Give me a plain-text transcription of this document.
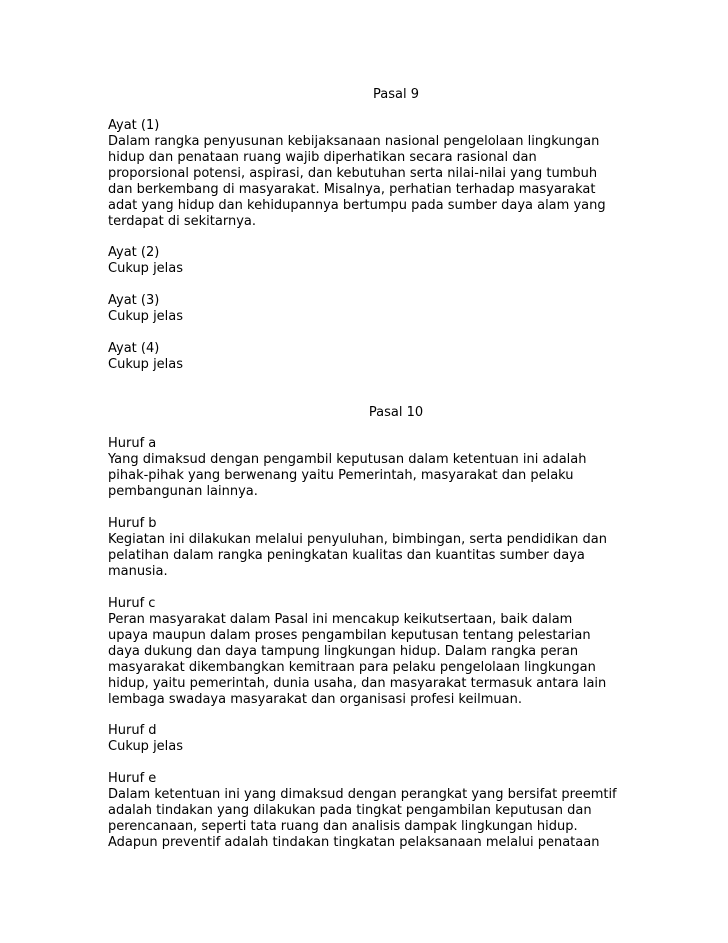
Pasal 9
Ayat (1)
Dalam rangka penyusunan kebijaksanaan nasional pengelolaan lingkungan
hidup dan penataan ruang wajib diperhatikan secara rasional dan
proporsional potensi, aspirasi, dan kebutuhan serta nilai-nilai yang tumbuh
dan berkembang di masyarakat. Misalnya, perhatian terhadap masyarakat
adat yang hidup dan kehidupannya bertumpu pada sumber daya alam yang
terdapat di sekitarnya.
Ayat (2)
Cukup jelas
Ayat (3)
Cukup jelas
Ayat (4)
Cukup jelas
Pasal 10
Huruf a
Yang dimaksud dengan pengambil keputusan dalam ketentuan ini adalah
pihak-pihak yang berwenang yaitu Pemerintah, masyarakat dan pelaku
pembangunan lainnya.
Huruf b
Kegiatan ini dilakukan melalui penyuluhan, bimbingan, serta pendidikan dan
pelatihan dalam rangka peningkatan kualitas dan kuantitas sumber daya
manusia.
Huruf c
Peran masyarakat dalam Pasal ini mencakup keikutsertaan, baik dalam
upaya maupun dalam proses pengambilan keputusan tentang pelestarian
daya dukung dan daya tampung lingkungan hidup. Dalam rangka peran
masyarakat dikembangkan kemitraan para pelaku pengelolaan lingkungan
hidup, yaitu pemerintah, dunia usaha, dan masyarakat termasuk antara lain
lembaga swadaya masyarakat dan organisasi profesi keilmuan.
Huruf d
Cukup jelas
Huruf e
Dalam ketentuan ini yang dimaksud dengan perangkat yang bersifat preemtif
adalah tindakan yang dilakukan pada tingkat pengambilan keputusan dan
perencanaan, seperti tata ruang dan analisis dampak lingkungan hidup.
Adapun preventif adalah tindakan tingkatan pelaksanaan melalui penataan
